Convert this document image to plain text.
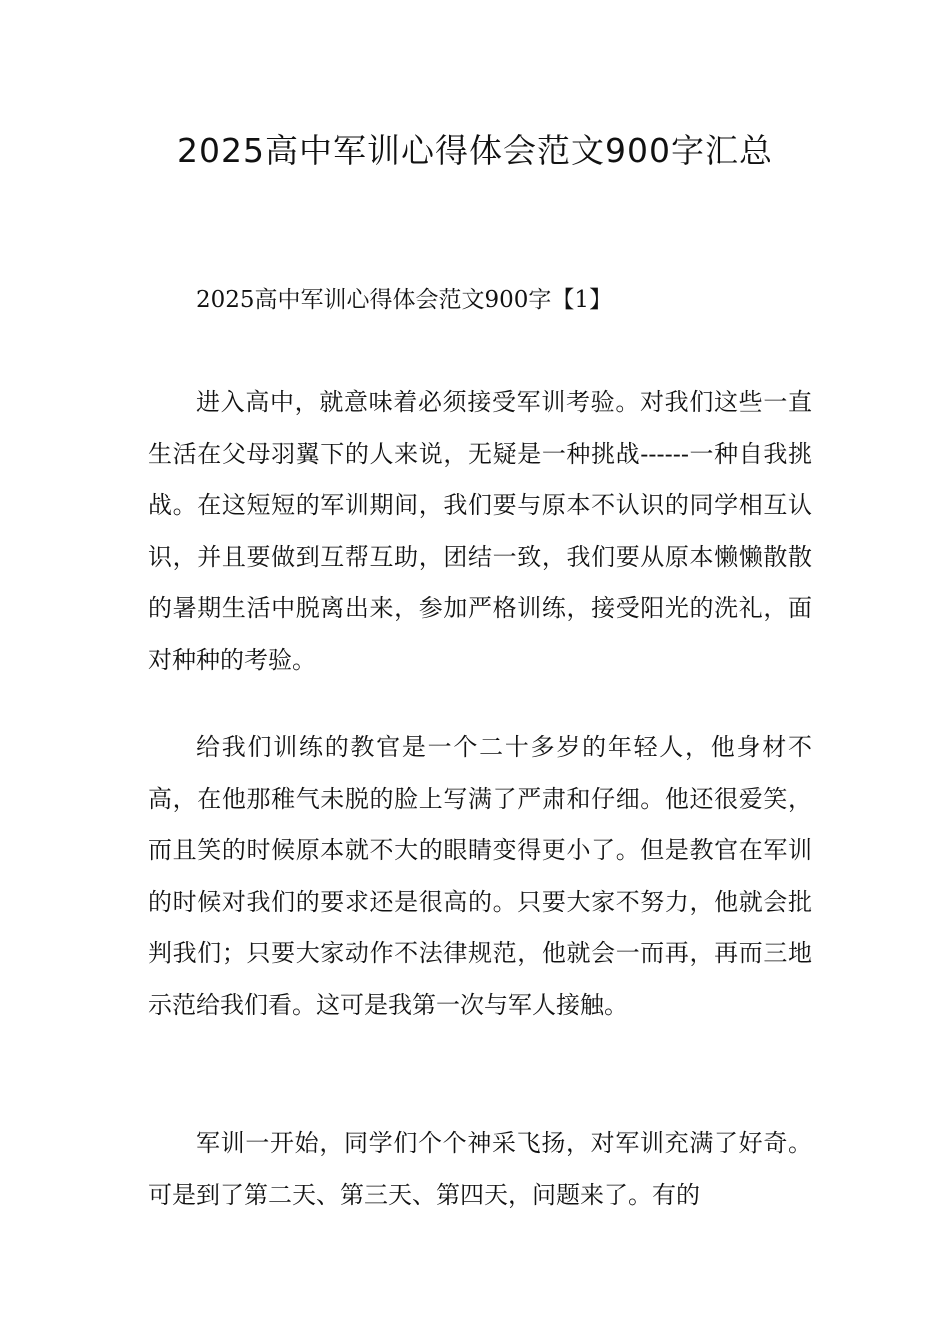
2025高中军训心得体会范文900字汇总

2025高中军训心得体会范文900字【1】

进入高中，就意味着必须接受军训考验。对我们这些一直生活在父母羽翼下的人来说，无疑是一种挑战------一种自我挑战。在这短短的军训期间，我们要与原本不认识的同学相互认识，并且要做到互帮互助，团结一致，我们要从原本懒懒散散的暑期生活中脱离出来，参加严格训练，接受阳光的洗礼，面对种种的考验。

给我们训练的教官是一个二十多岁的年轻人，他身材不高，在他那稚气未脱的脸上写满了严肃和仔细。他还很爱笑，而且笑的时候原本就不大的眼睛变得更小了。但是教官在军训的时候对我们的要求还是很高的。只要大家不努力，他就会批判我们；只要大家动作不法律规范，他就会一而再，再而三地示范给我们看。这可是我第一次与军人接触。

军训一开始，同学们个个神采飞扬，对军训充满了好奇。可是到了第二天、第三天、第四天，问题来了。有的
